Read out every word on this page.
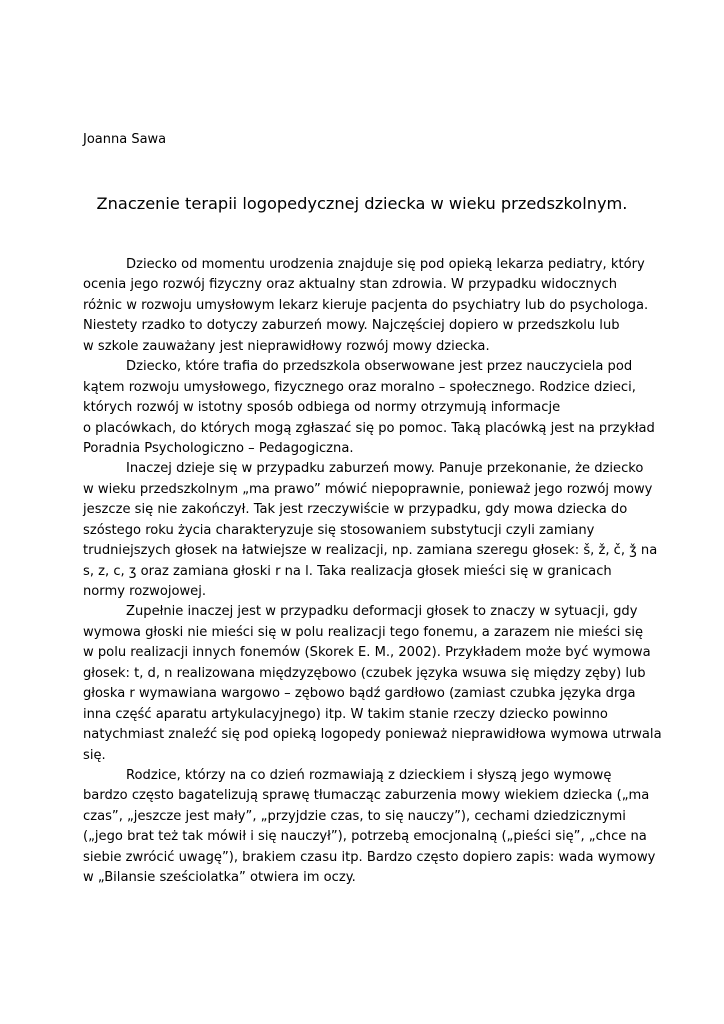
Joanna Sawa
Znaczenie terapii logopedycznej dziecka w wieku przedszkolnym.
Dziecko od momentu urodzenia znajduje się pod opieką lekarza pediatry, który
ocenia jego rozwój fizyczny oraz aktualny stan zdrowia. W przypadku widocznych
różnic w rozwoju umysłowym lekarz kieruje pacjenta do psychiatry lub do psychologa.
Niestety rzadko to dotyczy zaburzeń mowy. Najczęściej dopiero w przedszkolu lub
w szkole zauważany jest nieprawidłowy rozwój mowy dziecka.
Dziecko, które trafia do przedszkola obserwowane jest przez nauczyciela pod
kątem rozwoju umysłowego, fizycznego oraz moralno – społecznego. Rodzice dzieci,
których rozwój w istotny sposób odbiega od normy otrzymują informacje
o placówkach, do których mogą zgłaszać się po pomoc. Taką placówką jest na przykład
Poradnia Psychologiczno – Pedagogiczna.
Inaczej dzieje się w przypadku zaburzeń mowy. Panuje przekonanie, że dziecko
w wieku przedszkolnym „ma prawo” mówić niepoprawnie, ponieważ jego rozwój mowy
jeszcze się nie zakończył. Tak jest rzeczywiście w przypadku, gdy mowa dziecka do
szóstego roku życia charakteryzuje się stosowaniem substytucji czyli zamiany
trudniejszych głosek na łatwiejsze w realizacji, np. zamiana szeregu głosek: š, ž, č, ǯ na
s, z, c, ʒ oraz zamiana głoski r na l. Taka realizacja głosek mieści się w granicach
normy rozwojowej.
Zupełnie inaczej jest w przypadku deformacji głosek to znaczy w sytuacji, gdy
wymowa głoski nie mieści się w polu realizacji tego fonemu, a zarazem nie mieści się
w polu realizacji innych fonemów (Skorek E. M., 2002). Przykładem może być wymowa
głosek: t, d, n realizowana międzyzębowo (czubek języka wsuwa się między zęby) lub
głoska r wymawiana wargowo – zębowo bądź gardłowo (zamiast czubka języka drga
inna część aparatu artykulacyjnego) itp. W takim stanie rzeczy dziecko powinno
natychmiast znaleźć się pod opieką logopedy ponieważ nieprawidłowa wymowa utrwala
się.
Rodzice, którzy na co dzień rozmawiają z dzieckiem i słyszą jego wymowę
bardzo często bagatelizują sprawę tłumacząc zaburzenia mowy wiekiem dziecka („ma
czas”, „jeszcze jest mały”, „przyjdzie czas, to się nauczy”), cechami dziedzicznymi
(„jego brat też tak mówił i się nauczył”), potrzebą emocjonalną („pieści się”, „chce na
siebie zwrócić uwagę”), brakiem czasu itp. Bardzo często dopiero zapis: wada wymowy
w „Bilansie sześciolatka” otwiera im oczy.
